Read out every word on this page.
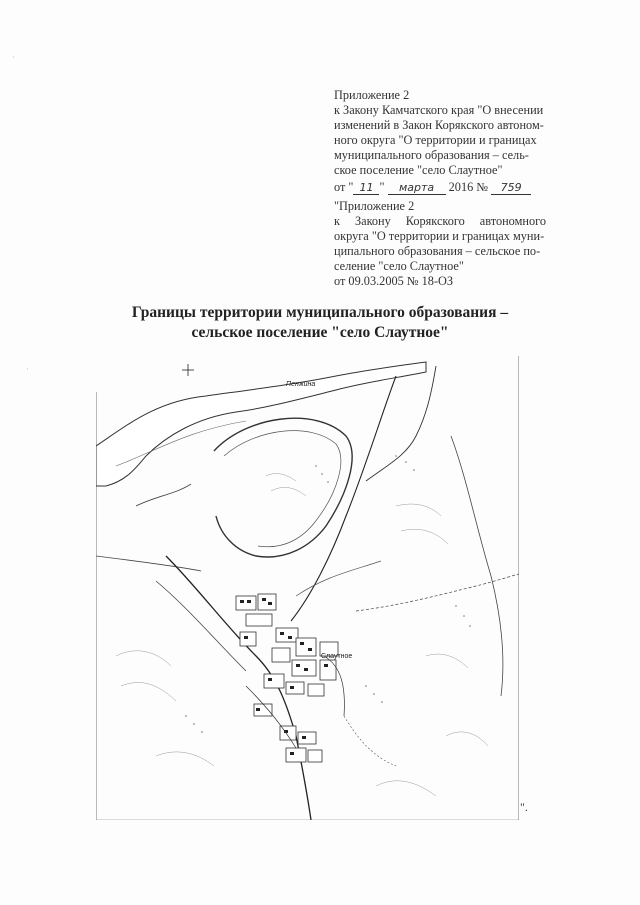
·
·
Приложение 2
к Закону Камчатского края "О внесении
изменений в Закон Корякского автоном-
ного округа "О территории и границах
муниципального образования – сель-
ское поселение "село Слаутное"
от " 11 " марта 2016 № 759
"Приложение 2
к Закону Корякского автономного
округа "О территории и границах муни-
ципального образования – сельское по-
селение "село Слаутное"
от 09.03.2005 № 18-ОЗ
Границы территории муниципального образования –
сельское поселение "село Слаутное"
Слаутное
Пенжина
".
